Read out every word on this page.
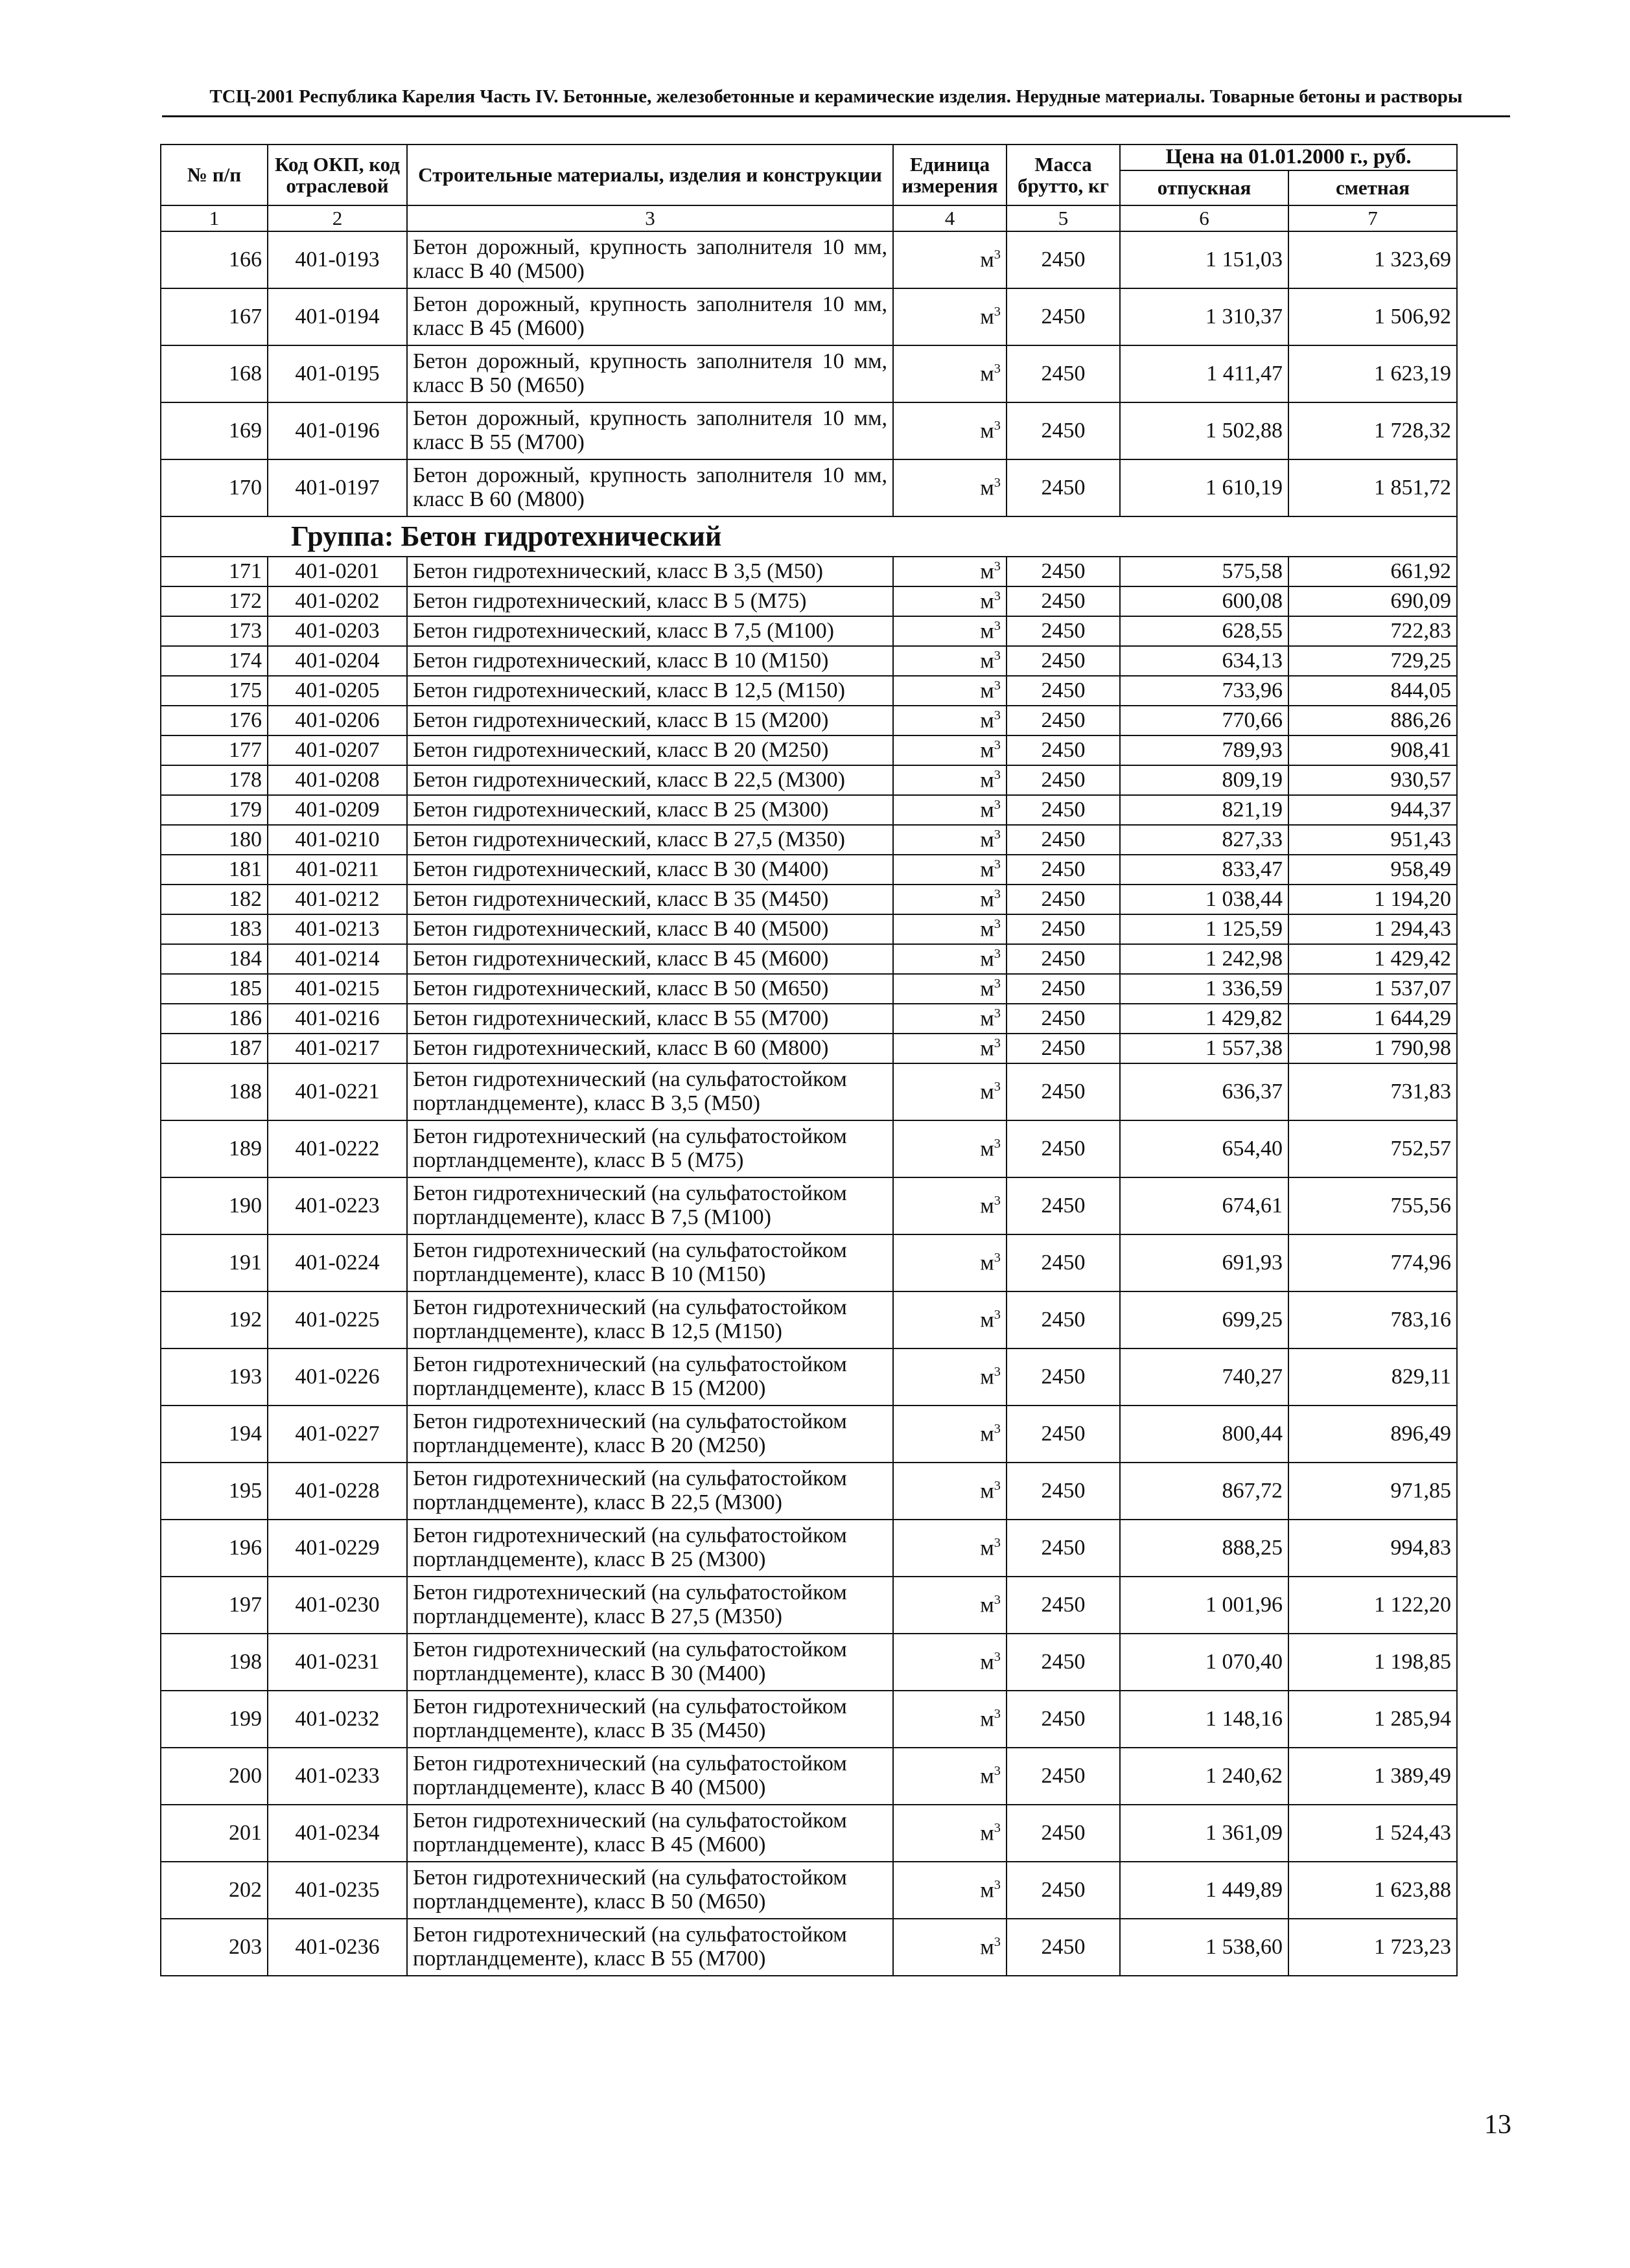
ТСЦ-2001 Республика Карелия Часть IV. Бетонные, железобетонные и керамические изделия. Нерудные материалы. Товарные бетоны и растворы
№ п/п	Код ОКП, код отраслевой	Строительные материалы, изделия и конструкции	Единица измерения	Масса брутто, кг	Цена на 01.01.2000 г., руб.	
					отпускная	сметная
1	2	3	4	5	6	7
166	401-0193	Бетон дорожный, крупность заполнителя 10 мм, класс В 40 (М500)	$м^3$	2450	1 151,03	1 323,69
167	401-0194	Бетон дорожный, крупность заполнителя 10 мм, класс В 45 (М600)	$м^3$	2450	1 310,37	1 506,92
168	401-0195	Бетон дорожный, крупность заполнителя 10 мм, класс В 50 (М650)	$м^3$	2450	1 411,47	1 623,19
169	401-0196	Бетон дорожный, крупность заполнителя 10 мм, класс В 55 (М700)	$м^3$	2450	1 502,88	1 728,32
170	401-0197	Бетон дорожный, крупность заполнителя 10 мм, класс В 60 (М800)	$м^3$	2450	1 610,19	1 851,72
Группа: Бетон гидротехнический						
171	401-0201	Бетон гидротехнический, класс В 3,5 (М50)	$м^3$	2450	575,58	661,92
172	401-0202	Бетон гидротехнический, класс В 5 (М75)	$м^3$	2450	600,08	690,09
173	401-0203	Бетон гидротехнический, класс В 7,5 (М100)	$м^3$	2450	628,55	722,83
174	401-0204	Бетон гидротехнический, класс В 10 (М150)	$м^3$	2450	634,13	729,25
175	401-0205	Бетон гидротехнический, класс В 12,5 (М150)	$м^3$	2450	733,96	844,05
176	401-0206	Бетон гидротехнический, класс В 15 (М200)	$м^3$	2450	770,66	886,26
177	401-0207	Бетон гидротехнический, класс В 20 (М250)	$м^3$	2450	789,93	908,41
178	401-0208	Бетон гидротехнический, класс В 22,5 (М300)	$м^3$	2450	809,19	930,57
179	401-0209	Бетон гидротехнический, класс В 25 (М300)	$м^3$	2450	821,19	944,37
180	401-0210	Бетон гидротехнический, класс В 27,5 (М350)	$м^3$	2450	827,33	951,43
181	401-0211	Бетон гидротехнический, класс В 30 (М400)	$м^3$	2450	833,47	958,49
182	401-0212	Бетон гидротехнический, класс В 35 (М450)	$м^3$	2450	1 038,44	1 194,20
183	401-0213	Бетон гидротехнический, класс В 40 (М500)	$м^3$	2450	1 125,59	1 294,43
184	401-0214	Бетон гидротехнический, класс В 45 (М600)	$м^3$	2450	1 242,98	1 429,42
185	401-0215	Бетон гидротехнический, класс В 50 (М650)	$м^3$	2450	1 336,59	1 537,07
186	401-0216	Бетон гидротехнический, класс В 55 (М700)	$м^3$	2450	1 429,82	1 644,29
187	401-0217	Бетон гидротехнический, класс В 60 (М800)	$м^3$	2450	1 557,38	1 790,98
188	401-0221	Бетон гидротехнический (на сульфатостойком портландцементе), класс В 3,5 (М50)	$м^3$	2450	636,37	731,83
189	401-0222	Бетон гидротехнический (на сульфатостойком портландцементе), класс В 5 (М75)	$м^3$	2450	654,40	752,57
190	401-0223	Бетон гидротехнический (на сульфатостойком портландцементе), класс В 7,5 (М100)	$м^3$	2450	674,61	755,56
191	401-0224	Бетон гидротехнический (на сульфатостойком портландцементе), класс В 10 (М150)	$м^3$	2450	691,93	774,96
192	401-0225	Бетон гидротехнический (на сульфатостойком портландцементе), класс В 12,5 (М150)	$м^3$	2450	699,25	783,16
193	401-0226	Бетон гидротехнический (на сульфатостойком портландцементе), класс В 15 (М200)	$м^3$	2450	740,27	829,11
194	401-0227	Бетон гидротехнический (на сульфатостойком портландцементе), класс В 20 (М250)	$м^3$	2450	800,44	896,49
195	401-0228	Бетон гидротехнический (на сульфатостойком портландцементе), класс В 22,5 (М300)	$м^3$	2450	867,72	971,85
196	401-0229	Бетон гидротехнический (на сульфатостойком портландцементе), класс В 25 (М300)	$м^3$	2450	888,25	994,83
197	401-0230	Бетон гидротехнический (на сульфатостойком портландцементе), класс В 27,5 (М350)	$м^3$	2450	1 001,96	1 122,20
198	401-0231	Бетон гидротехнический (на сульфатостойком портландцементе), класс В 30 (М400)	$м^3$	2450	1 070,40	1 198,85
199	401-0232	Бетон гидротехнический (на сульфатостойком портландцементе), класс В 35 (М450)	$м^3$	2450	1 148,16	1 285,94
200	401-0233	Бетон гидротехнический (на сульфатостойком портландцементе), класс В 40 (М500)	$м^3$	2450	1 240,62	1 389,49
201	401-0234	Бетон гидротехнический (на сульфатостойком портландцементе), класс В 45 (М600)	$м^3$	2450	1 361,09	1 524,43
202	401-0235	Бетон гидротехнический (на сульфатостойком портландцементе), класс В 50 (М650)	$м^3$	2450	1 449,89	1 623,88
203	401-0236	Бетон гидротехнический (на сульфатостойком портландцементе), класс В 55 (М700)	$м^3$	2450	1 538,60	1 723,23
13
